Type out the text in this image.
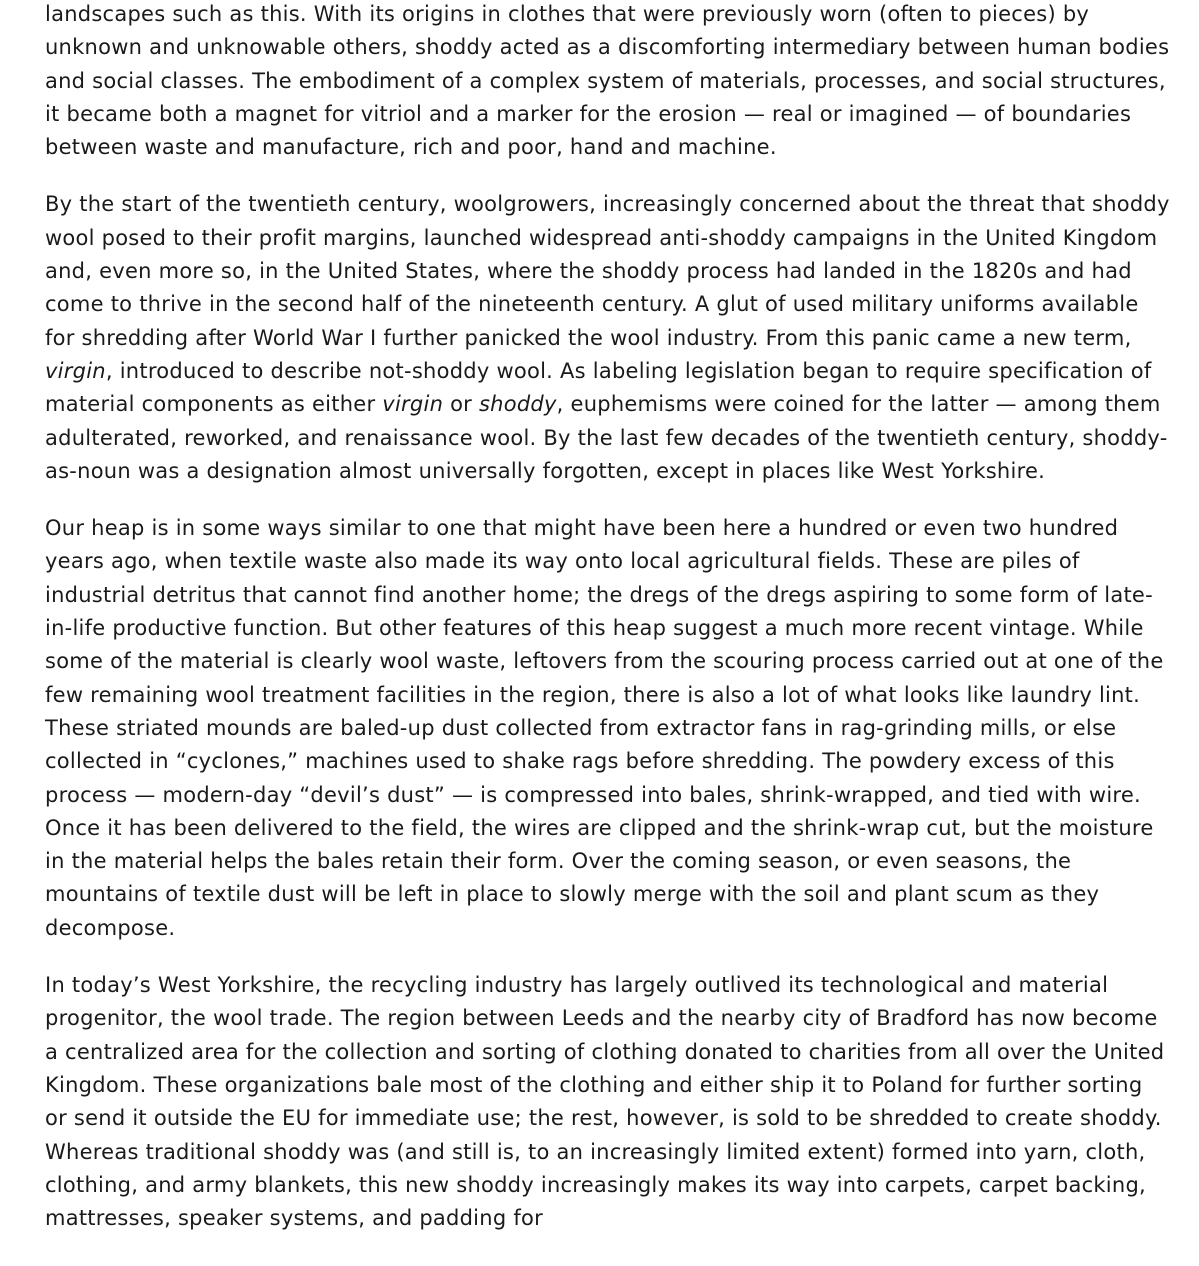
landscapes such as this. With its origins in clothes that were previously worn (often to pieces) by unknown and unknowable others, shoddy acted as a discomforting intermediary between human bodies and social classes. The embodiment of a complex system of materials, processes, and social structures, it became both a magnet for vitriol and a marker for the erosion — real or imagined — of boundaries between waste and manufacture, rich and poor, hand and machine.

By the start of the twentieth century, woolgrowers, increasingly concerned about the threat that shoddy wool posed to their profit margins, launched widespread anti-shoddy campaigns in the United Kingdom and, even more so, in the United States, where the shoddy process had landed in the 1820s and had come to thrive in the second half of the nineteenth century. A glut of used military uniforms available for shredding after World War I further panicked the wool industry. From this panic came a new term, virgin, introduced to describe not-shoddy wool. As labeling legislation began to require specification of material components as either virgin or shoddy, euphemisms were coined for the latter — among them adulterated, reworked, and renaissance wool. By the last few decades of the twentieth century, shoddy-as-noun was a designation almost universally forgotten, except in places like West Yorkshire.

Our heap is in some ways similar to one that might have been here a hundred or even two hundred years ago, when textile waste also made its way onto local agricultural fields. These are piles of industrial detritus that cannot find another home; the dregs of the dregs aspiring to some form of late-in-life productive function. But other features of this heap suggest a much more recent vintage. While some of the material is clearly wool waste, leftovers from the scouring process carried out at one of the few remaining wool treatment facilities in the region, there is also a lot of what looks like laundry lint. These striated mounds are baled-up dust collected from extractor fans in rag-grinding mills, or else collected in “cyclones,” machines used to shake rags before shredding. The powdery excess of this process — modern-day “devil’s dust” — is compressed into bales, shrink-wrapped, and tied with wire. Once it has been delivered to the field, the wires are clipped and the shrink-wrap cut, but the moisture in the material helps the bales retain their form. Over the coming season, or even seasons, the mountains of textile dust will be left in place to slowly merge with the soil and plant scum as they decompose.

In today’s West Yorkshire, the recycling industry has largely outlived its technological and material progenitor, the wool trade. The region between Leeds and the nearby city of Bradford has now become a centralized area for the collection and sorting of clothing donated to charities from all over the United Kingdom. These organizations bale most of the clothing and either ship it to Poland for further sorting or send it outside the EU for immediate use; the rest, however, is sold to be shredded to create shoddy. Whereas traditional shoddy was (and still is, to an increasingly limited extent) formed into yarn, cloth, clothing, and army blankets, this new shoddy increasingly makes its way into carpets, carpet backing, mattresses, speaker systems, and padding for
